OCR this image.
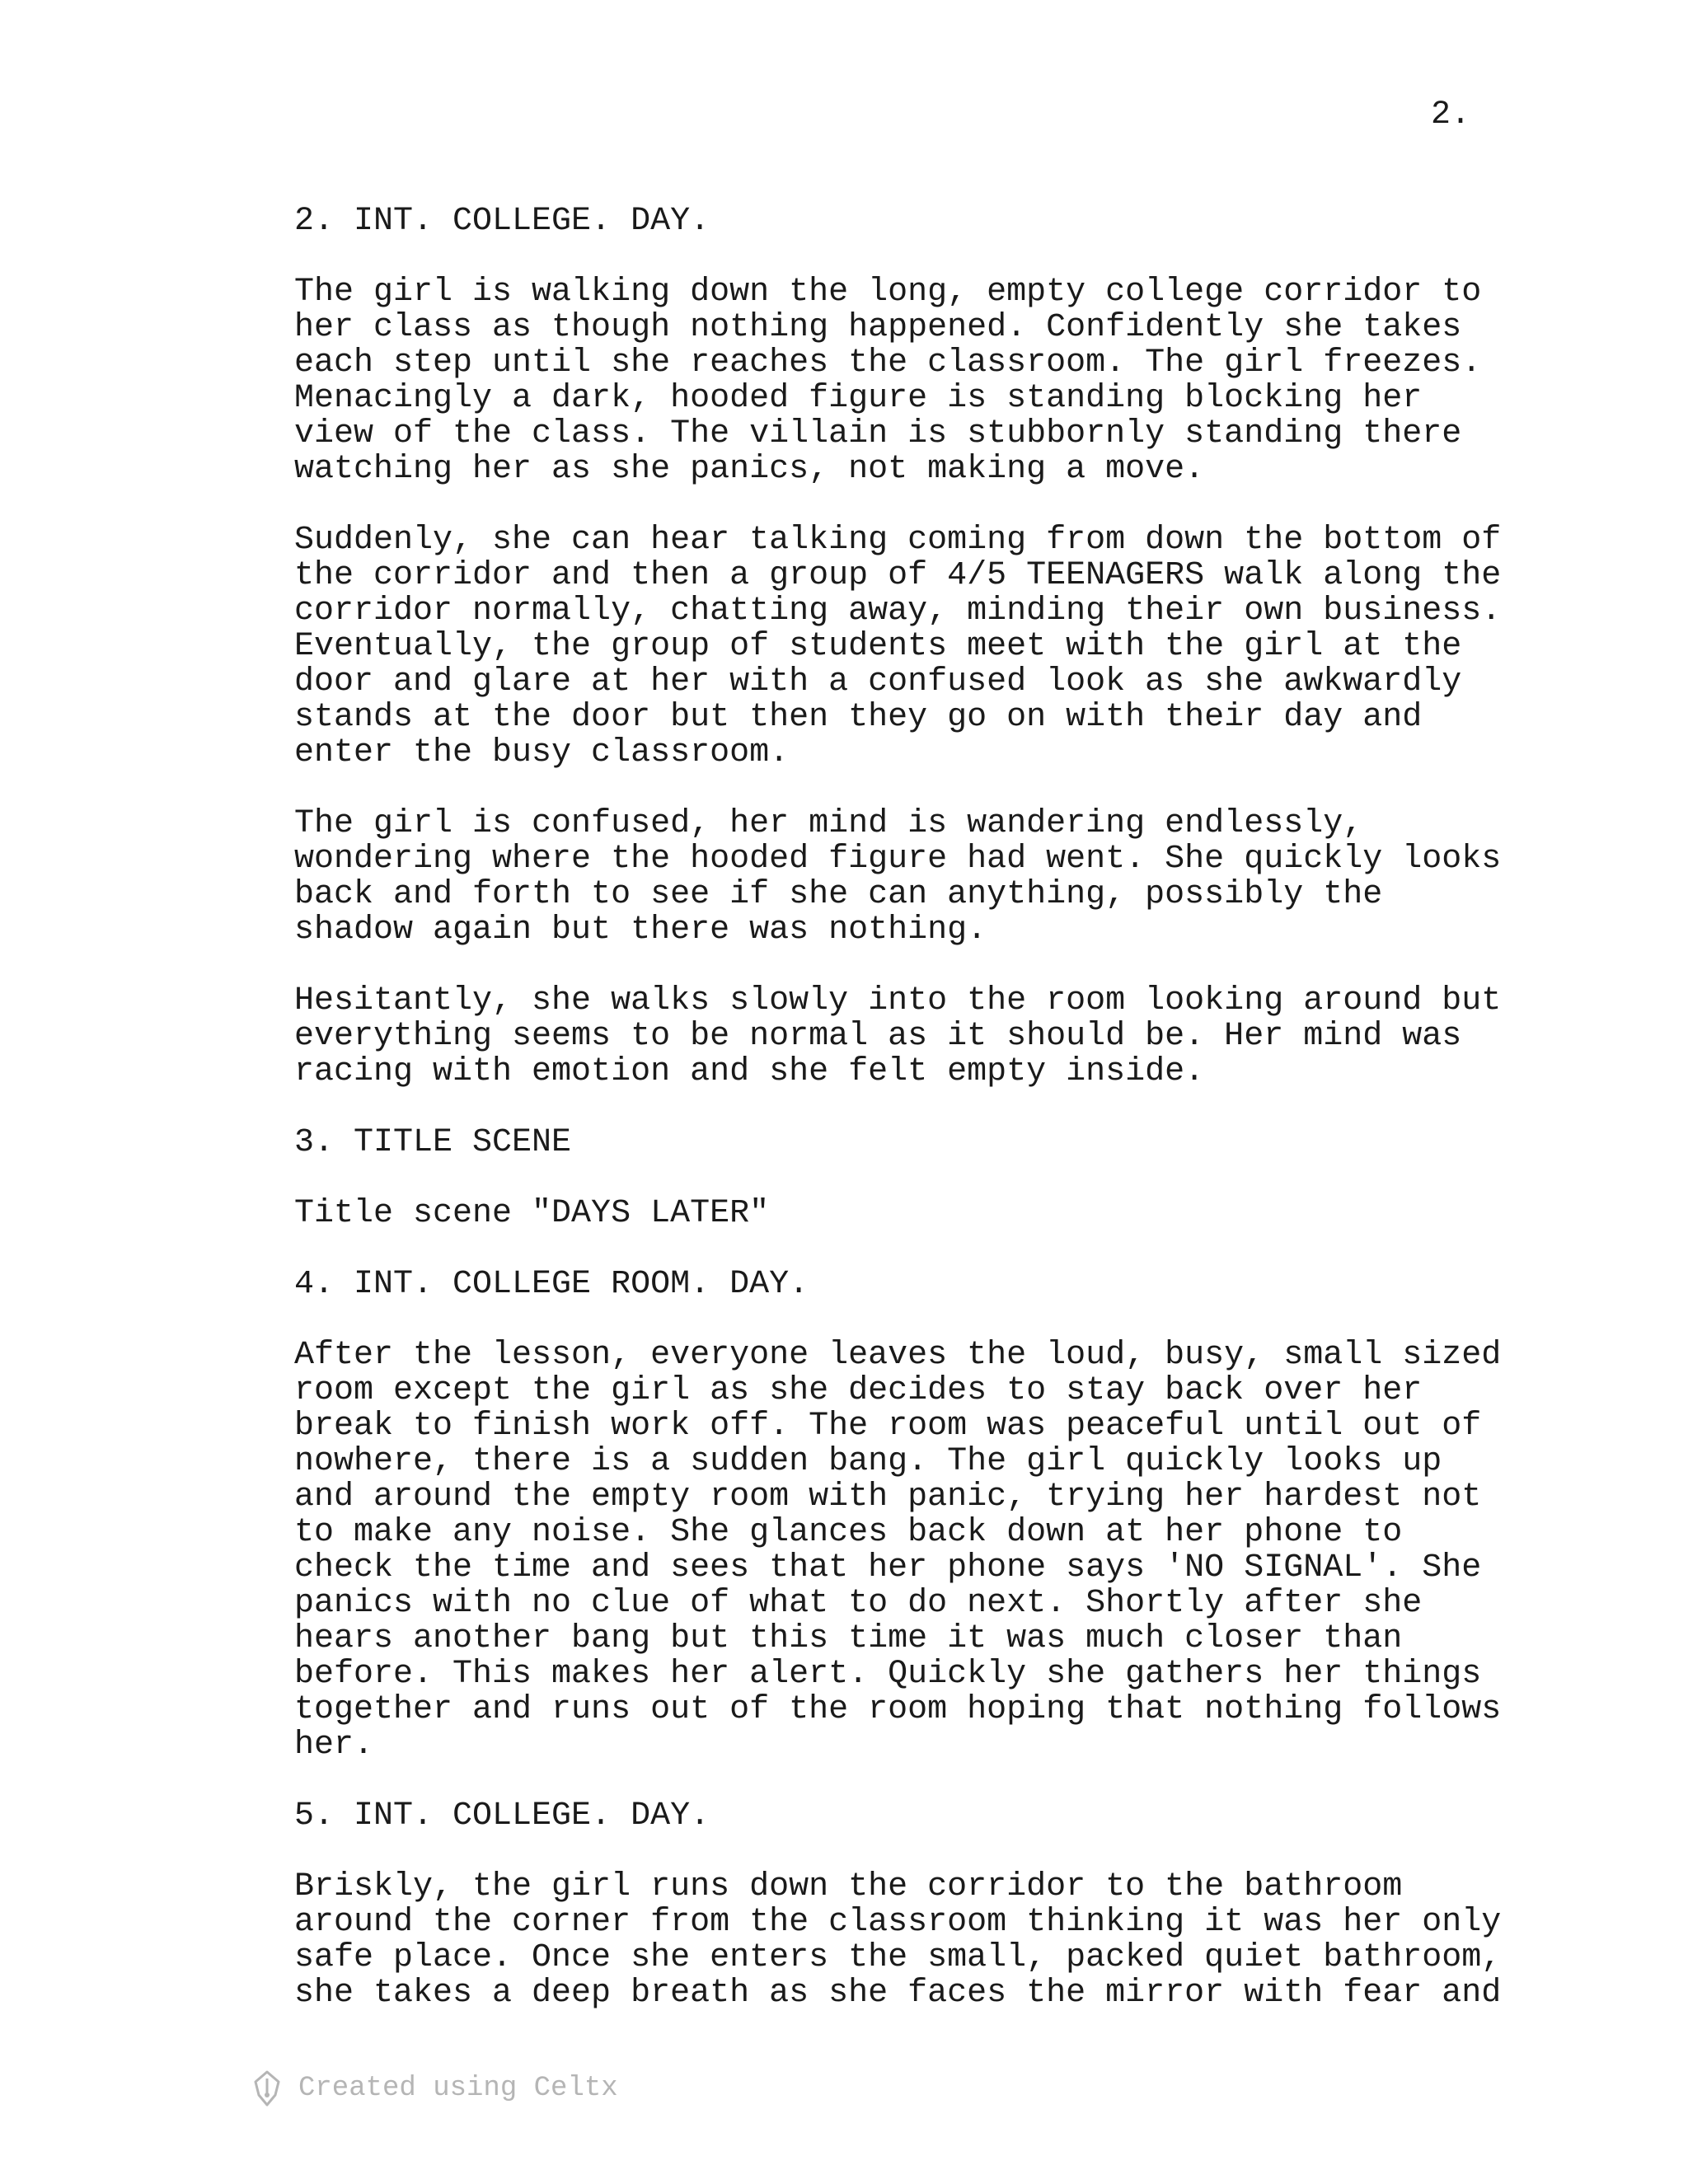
2.
2. INT. COLLEGE. DAY.
The girl is walking down the long, empty college corridor to
her class as though nothing happened. Confidently she takes
each step until she reaches the classroom. The girl freezes.
Menacingly a dark, hooded figure is standing blocking her
view of the class. The villain is stubbornly standing there
watching her as she panics, not making a move.
Suddenly, she can hear talking coming from down the bottom of
the corridor and then a group of 4/5 TEENAGERS walk along the
corridor normally, chatting away, minding their own business.
Eventually, the group of students meet with the girl at the
door and glare at her with a confused look as she awkwardly
stands at the door but then they go on with their day and
enter the busy classroom.
The girl is confused, her mind is wandering endlessly,
wondering where the hooded figure had went. She quickly looks
back and forth to see if she can anything, possibly the
shadow again but there was nothing.
Hesitantly, she walks slowly into the room looking around but
everything seems to be normal as it should be. Her mind was
racing with emotion and she felt empty inside.
3. TITLE SCENE
Title scene "DAYS LATER"
4. INT. COLLEGE ROOM. DAY.
After the lesson, everyone leaves the loud, busy, small sized
room except the girl as she decides to stay back over her
break to finish work off. The room was peaceful until out of
nowhere, there is a sudden bang. The girl quickly looks up
and around the empty room with panic, trying her hardest not
to make any noise. She glances back down at her phone to
check the time and sees that her phone says 'NO SIGNAL'. She
panics with no clue of what to do next. Shortly after she
hears another bang but this time it was much closer than
before. This makes her alert. Quickly she gathers her things
together and runs out of the room hoping that nothing follows
her.
5. INT. COLLEGE. DAY.
Briskly, the girl runs down the corridor to the bathroom
around the corner from the classroom thinking it was her only
safe place. Once she enters the small, packed quiet bathroom,
she takes a deep breath as she faces the mirror with fear and
Created using Celtx
